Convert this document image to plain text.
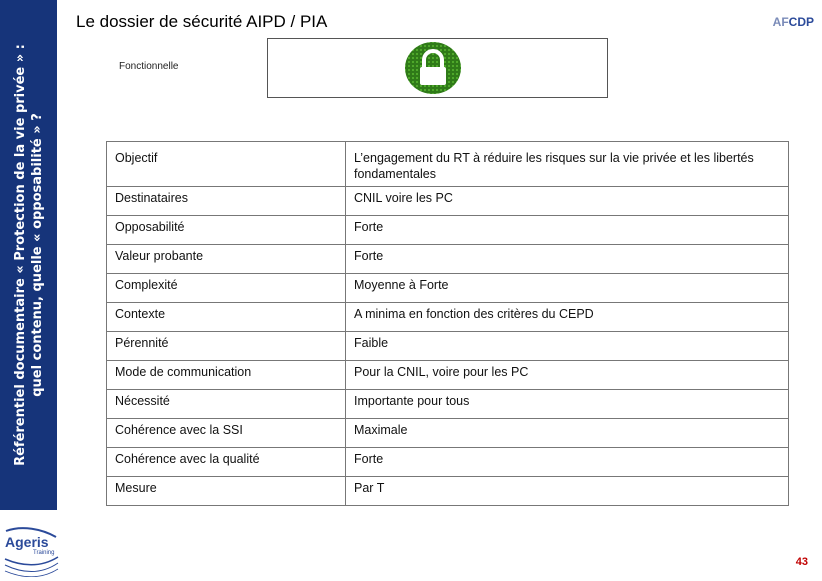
Référentiel documentaire « Protection de la vie privée » : quel contenu, quelle « opposabilité » ?
Le dossier de sécurité AIPD / PIA	AFCDP
Fonctionnelle
Objectif	L’engagement du RT à réduire les risques sur la vie privée et les libertés fondamentales
Destinataires	CNIL voire les PC
Opposabilité	Forte
Valeur probante	Forte
Complexité	Moyenne à Forte
Contexte	A minima en fonction des critères du CEPD
Pérennité	Faible
Mode de communication	Pour la CNIL, voire pour les PC
Nécessité	Importante pour tous
Cohérence avec la SSI	Maximale
Cohérence avec la qualité	Forte
Mesure	Par T
Ageris
Training
43
